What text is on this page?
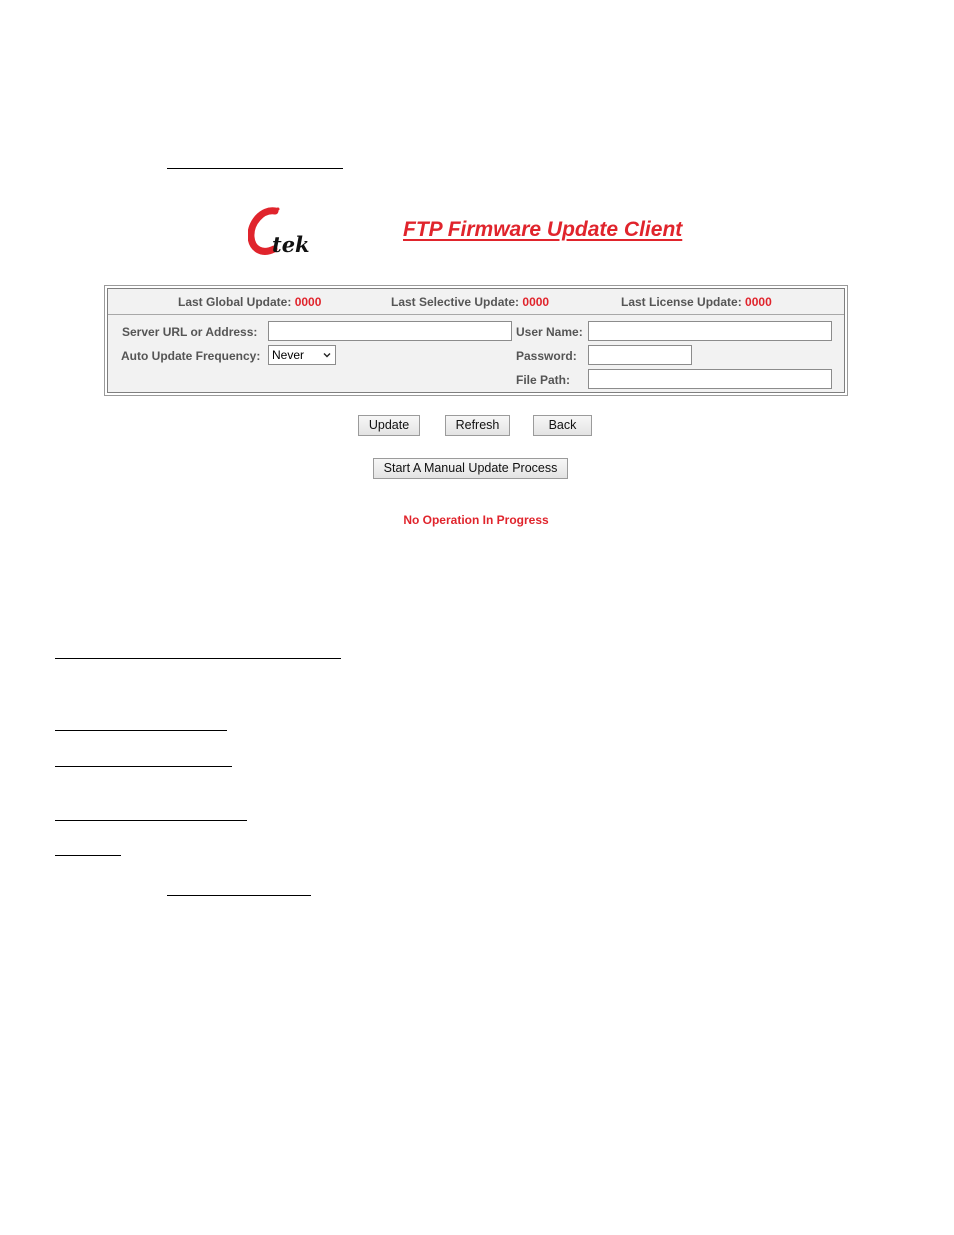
tek
FTP Firmware Update Client
Last Global Update: 0000	Last Selective Update: 0000	Last License Update: 0000
Server URL or Address:
Auto Update Frequency: Never
User Name:
Password:
File Path:
Update	Refresh	Back
Start A Manual Update Process
No Operation In Progress
